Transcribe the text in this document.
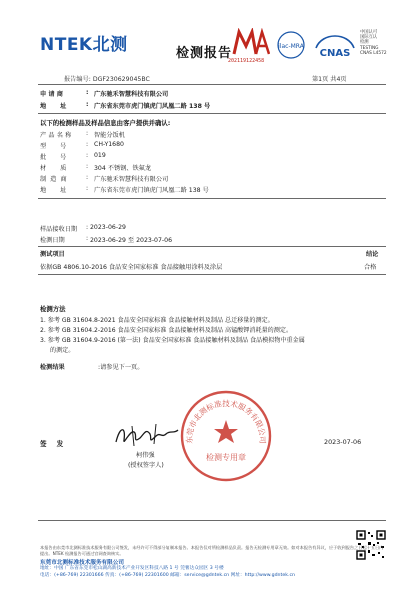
NTEK北测	检测报告
202119122458
ilac-MRA
CNAS
中国认可
国际互认
检测
TESTING
CNAS L4572
报告编号: DGF230629045BC	第1页 共4页
申请商	: 广东驰禾智慧科技有限公司
地址 : 广东省东莞市虎门镇虎门风凰二路 138 号
以下的检测样品及样品信息由客户提供并确认:
产品名称	: 智能分饭机
型号 : CH-Y1680
批号 : 019
材质 : 304 不锈钢、铁氟龙
制造商	: 广东驰禾智慧科技有限公司
地址 : 广东省东莞市虎门镇虎门风凰二路 138 号
样品接收日期	: 2023-06-29
检测日期	: 2023-06-29 至 2023-07-06
测试项目	结论
依据GB 4806.10-2016 食品安全国家标准 食品接触用涂料及涂层	合格
检测方法
1. 参考 GB 31604.8-2021 食品安全国家标准 食品接触材料及制品 总迁移量的测定。
2. 参考 GB 31604.2-2016 食品安全国家标准 食品接触材料及制品 高锰酸钾消耗量的测定。
3. 参考 GB 31604.9-2016 (第一法) 食品安全国家标准 食品接触材料及制品 食品模拟物中重金属
的测定。
检测结果	:请参见下一页。
东莞市北测标准技术服务有限公司
检测专用章
签发
柯伟强
(授权签字人)
2023-07-06
本报告由东莞市北测标准技术服务有限公司签发，未经许可不得部分复制本报告。本报告仅对所检测样品负责。报告无检测专用章无效。如对本报告有异议，应于收到报告之日起十五日内提出。NTEK 检测报告可通过官网查询核实。
东莞市北测标准技术服务有限公司
地址：中国 广东省东莞市松山湖高新技术产业开发区科技八路 1 号 莞薯达众园区 3 号楼
电话：(+86-769) 22301666 传真：(+86-769) 22301600 邮箱：service@gdntek.cn 网址：http://www.gdntek.cn
